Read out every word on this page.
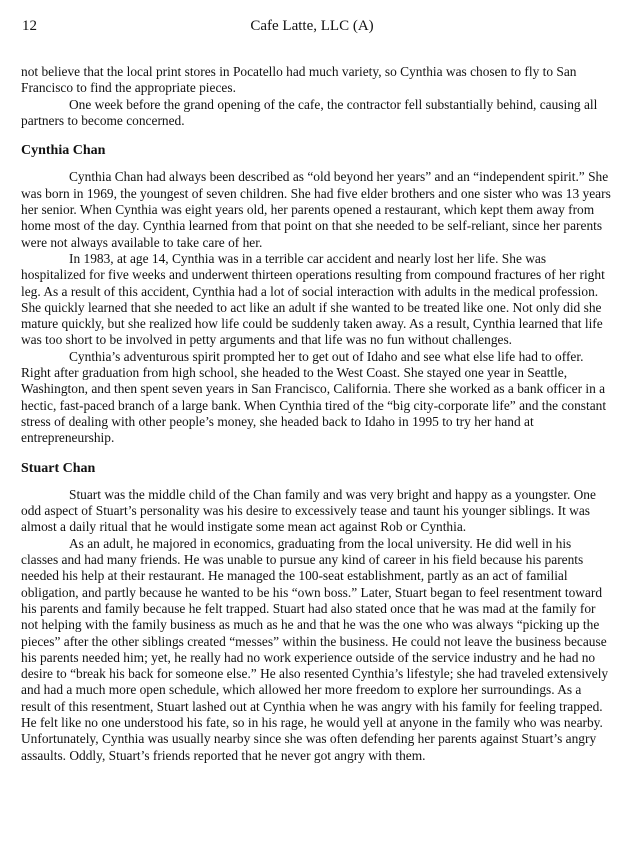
12	Cafe Latte, LLC (A)

not believe that the local print stores in Pocatello had much variety, so Cynthia was chosen to fly to San Francisco to find the appropriate pieces.

One week before the grand opening of the cafe, the contractor fell substantially behind, causing all partners to become concerned.

Cynthia Chan

Cynthia Chan had always been described as “old beyond her years” and an “independent spirit.” She was born in 1969, the youngest of seven children. She had five elder brothers and one sister who was 13 years her senior. When Cynthia was eight years old, her parents opened a restaurant, which kept them away from home most of the day. Cynthia learned from that point on that she needed to be self-reliant, since her parents were not always available to take care of her.

In 1983, at age 14, Cynthia was in a terrible car accident and nearly lost her life. She was hospitalized for five weeks and underwent thirteen operations resulting from compound fractures of her right leg. As a result of this accident, Cynthia had a lot of social interaction with adults in the medical profession. She quickly learned that she needed to act like an adult if she wanted to be treated like one. Not only did she mature quickly, but she realized how life could be suddenly taken away. As a result, Cynthia learned that life was too short to be involved in petty arguments and that life was no fun without challenges.

Cynthia’s adventurous spirit prompted her to get out of Idaho and see what else life had to offer. Right after graduation from high school, she headed to the West Coast. She stayed one year in Seattle, Washington, and then spent seven years in San Francisco, California. There she worked as a bank officer in a hectic, fast-paced branch of a large bank. When Cynthia tired of the “big city-corporate life” and the constant stress of dealing with other people’s money, she headed back to Idaho in 1995 to try her hand at entrepreneurship.

Stuart Chan

Stuart was the middle child of the Chan family and was very bright and happy as a youngster. One odd aspect of Stuart’s personality was his desire to excessively tease and taunt his younger siblings. It was almost a daily ritual that he would instigate some mean act against Rob or Cynthia.

As an adult, he majored in economics, graduating from the local university. He did well in his classes and had many friends. He was unable to pursue any kind of career in his field because his parents needed his help at their restaurant. He managed the 100-seat establishment, partly as an act of familial obligation, and partly because he wanted to be his “own boss.” Later, Stuart began to feel resentment toward his parents and family because he felt trapped. Stuart had also stated once that he was mad at the family for not helping with the family business as much as he and that he was the one who was always “picking up the pieces” after the other siblings created “messes” within the business. He could not leave the business because his parents needed him; yet, he really had no work experience outside of the service industry and he had no desire to “break his back for someone else.” He also resented Cynthia’s lifestyle; she had traveled extensively and had a much more open schedule, which allowed her more freedom to explore her surroundings. As a result of this resentment, Stuart lashed out at Cynthia when he was angry with his family for feeling trapped. He felt like no one understood his fate, so in his rage, he would yell at anyone in the family who was nearby. Unfortunately, Cynthia was usually nearby since she was often defending her parents against Stuart’s angry assaults. Oddly, Stuart’s friends reported that he never got angry with them.
